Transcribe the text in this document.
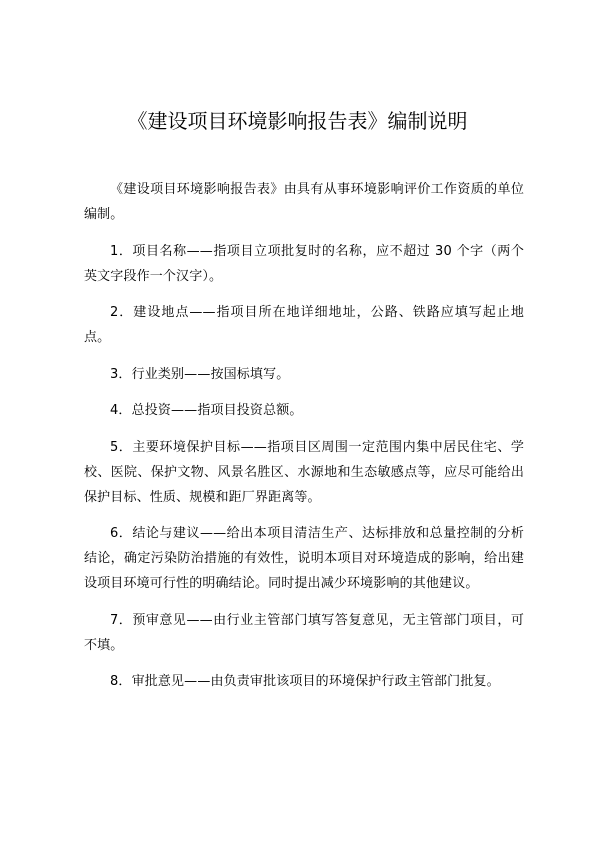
《建设项目环境影响报告表》编制说明

《建设项目环境影响报告表》由具有从事环境影响评价工作资质的单位编制。

1．项目名称——指项目立项批复时的名称，应不超过 30 个字（两个英文字段作一个汉字）。

2．建设地点——指项目所在地详细地址，公路、铁路应填写起止地点。

3．行业类别——按国标填写。

4．总投资——指项目投资总额。

5．主要环境保护目标——指项目区周围一定范围内集中居民住宅、学校、医院、保护文物、风景名胜区、水源地和生态敏感点等，应尽可能给出保护目标、性质、规模和距厂界距离等。

6．结论与建议——给出本项目清洁生产、达标排放和总量控制的分析结论，确定污染防治措施的有效性，说明本项目对环境造成的影响，给出建设项目环境可行性的明确结论。同时提出减少环境影响的其他建议。

7．预审意见——由行业主管部门填写答复意见，无主管部门项目，可不填。

8．审批意见——由负责审批该项目的环境保护行政主管部门批复。
